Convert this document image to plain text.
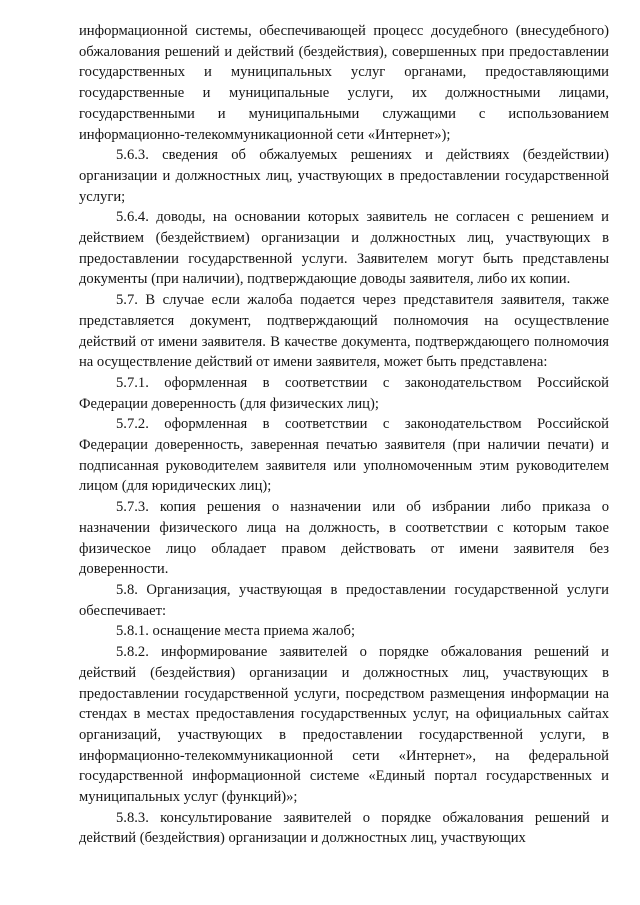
информационной системы, обеспечивающей процесс досудебного (внесудебного) обжалования решений и действий (бездействия), совершенных при предоставлении государственных и муниципальных услуг органами, предоставляющими государственные и муниципальные услуги, их должностными лицами, государственными и муниципальными служащими с использованием информационно-телекоммуникационной сети «Интернет»);

5.6.3. сведения об обжалуемых решениях и действиях (бездействии) организации и должностных лиц, участвующих в предоставлении государственной услуги;

5.6.4. доводы, на основании которых заявитель не согласен с решением и действием (бездействием) организации и должностных лиц, участвующих в предоставлении государственной услуги. Заявителем могут быть представлены документы (при наличии), подтверждающие доводы заявителя, либо их копии.

5.7. В случае если жалоба подается через представителя заявителя, также представляется документ, подтверждающий полномочия на осуществление действий от имени заявителя. В качестве документа, подтверждающего полномочия на осуществление действий от имени заявителя, может быть представлена:

5.7.1. оформленная в соответствии с законодательством Российской Федерации доверенность (для физических лиц);

5.7.2. оформленная в соответствии с законодательством Российской Федерации доверенность, заверенная печатью заявителя (при наличии печати) и подписанная руководителем заявителя или уполномоченным этим руководителем лицом (для юридических лиц);

5.7.3. копия решения о назначении или об избрании либо приказа о назначении физического лица на должность, в соответствии с которым такое физическое лицо обладает правом действовать от имени заявителя без доверенности.

5.8. Организация, участвующая в предоставлении государственной услуги обеспечивает:

5.8.1. оснащение места приема жалоб;

5.8.2. информирование заявителей о порядке обжалования решений и действий (бездействия) организации и должностных лиц, участвующих в предоставлении государственной услуги, посредством размещения информации на стендах в местах предоставления государственных услуг, на официальных сайтах организаций, участвующих в предоставлении государственной услуги, в информационно-телекоммуникационной сети «Интернет», на федеральной государственной информационной системе «Единый портал государственных и муниципальных услуг (функций)»;

5.8.3. консультирование заявителей о порядке обжалования решений и действий (бездействия) организации и должностных лиц, участвующих
